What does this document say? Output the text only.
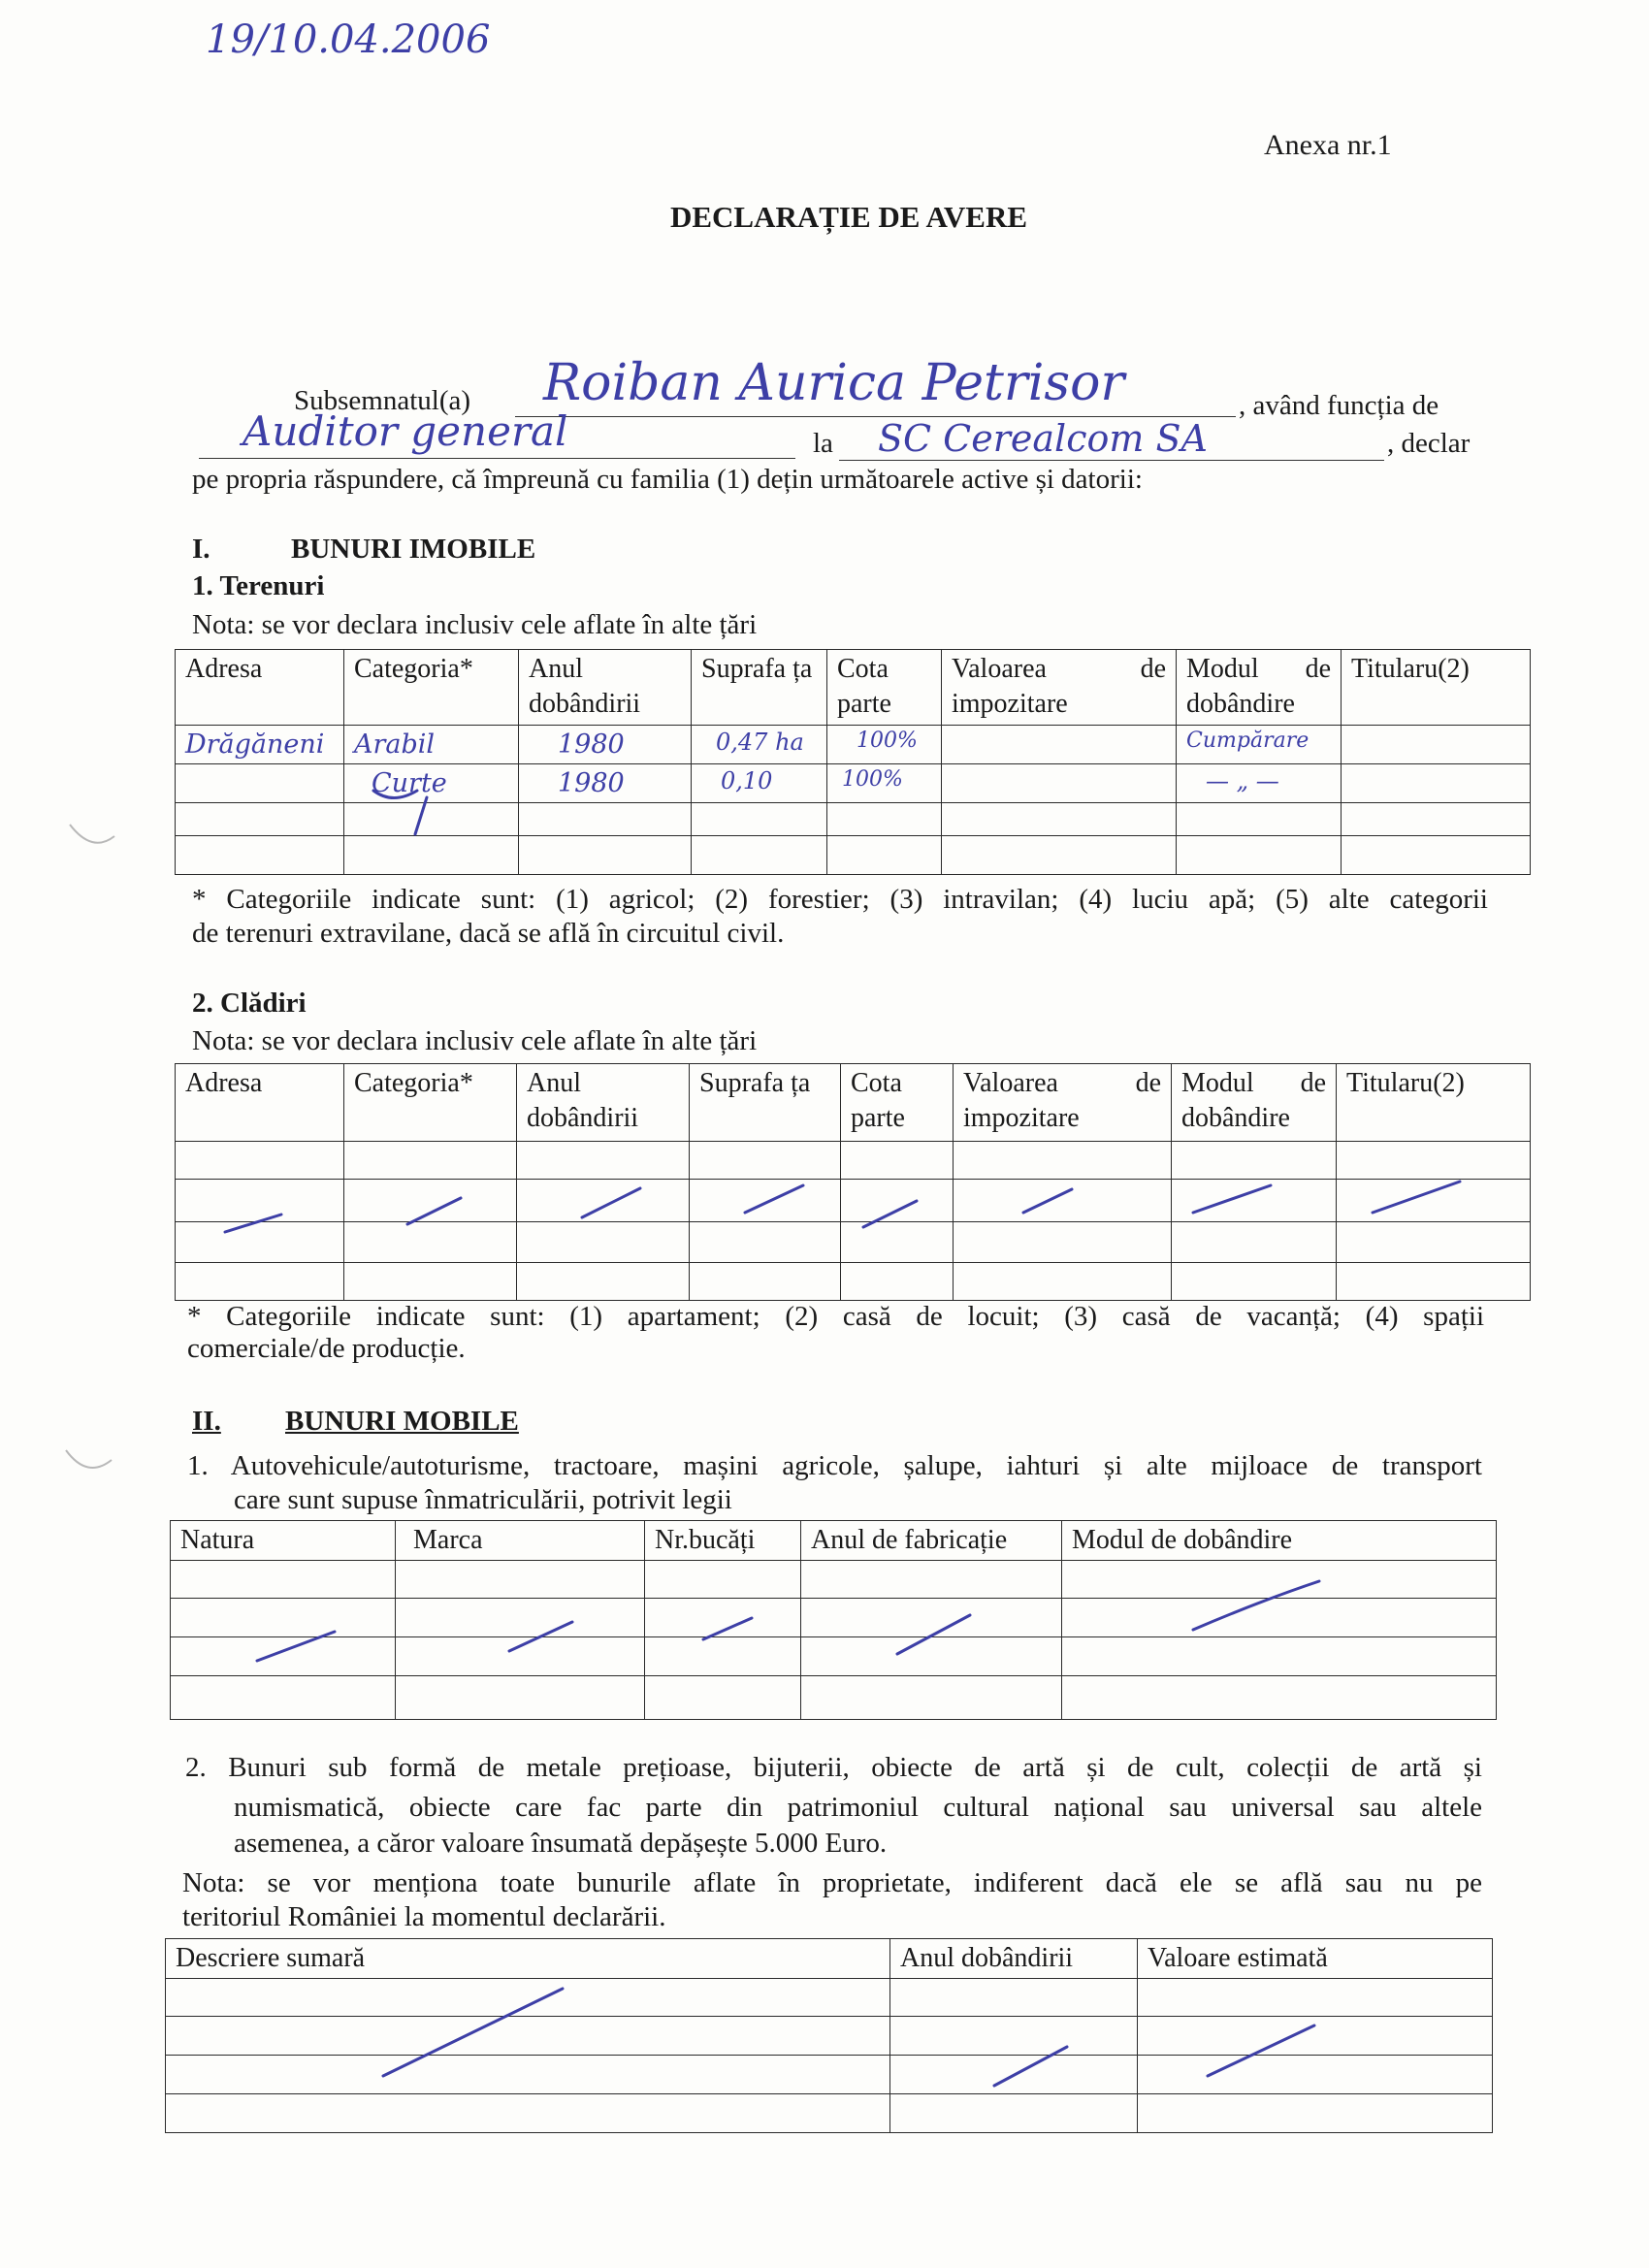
19/10.04.2006
Anexa nr.1
DECLARAȚIE DE AVERE
Subsemnatul(a) Roiban Aurica Petrisor	, având funcția de
Auditor general	la SC Cerealcom SA	, declar
pe propria răspundere, că împreună cu familia (1) dețin următoarele active și datorii:
I.	BUNURI IMOBILE
1. Terenuri
Nota: se vor declara inclusiv cele aflate în alte țări
Adresa	Categoria*	Anul dobândirii	Suprafa ța	Cota parte	Valoarea de impozitare	Modul de dobândire	Titularu(2)
Drăgăneni	Arabil	1980	0,47 ha	100%		Cumpărare	
	Curte	1980	0,10	100%		— „ —	

* Categoriile indicate sunt: (1) agricol; (2) forestier; (3) intravilan; (4) luciu apă; (5) alte categorii
de terenuri extravilane, dacă se află în circuitul civil.
2. Clădiri
Nota: se vor declara inclusiv cele aflate în alte țări
Adresa	Categoria*	Anul dobândirii	Suprafa ța	Cota parte	Valoarea de impozitare	Modul de dobândire	Titularu(2)

* Categoriile indicate sunt: (1) apartament; (2) casă de locuit; (3) casă de vacanță; (4) spații
comerciale/de producție.
II. BUNURI MOBILE
1. Autovehicule/autoturisme, tractoare, mașini agricole, șalupe, iahturi și alte mijloace de transport
care sunt supuse înmatriculării, potrivit legii
Natura	Marca	Nr.bucăți	Anul de fabricație	Modul de dobândire

2. Bunuri sub formă de metale prețioase, bijuterii, obiecte de artă și de cult, colecții de artă și
numismatică, obiecte care fac parte din patrimoniul cultural național sau universal sau altele
asemenea, a căror valoare însumată depășește 5.000 Euro.
Nota: se vor menționa toate bunurile aflate în proprietate, indiferent dacă ele se află sau nu pe
teritoriul României la momentul declarării.
Descriere sumară	Anul dobândirii	Valoare estimată
